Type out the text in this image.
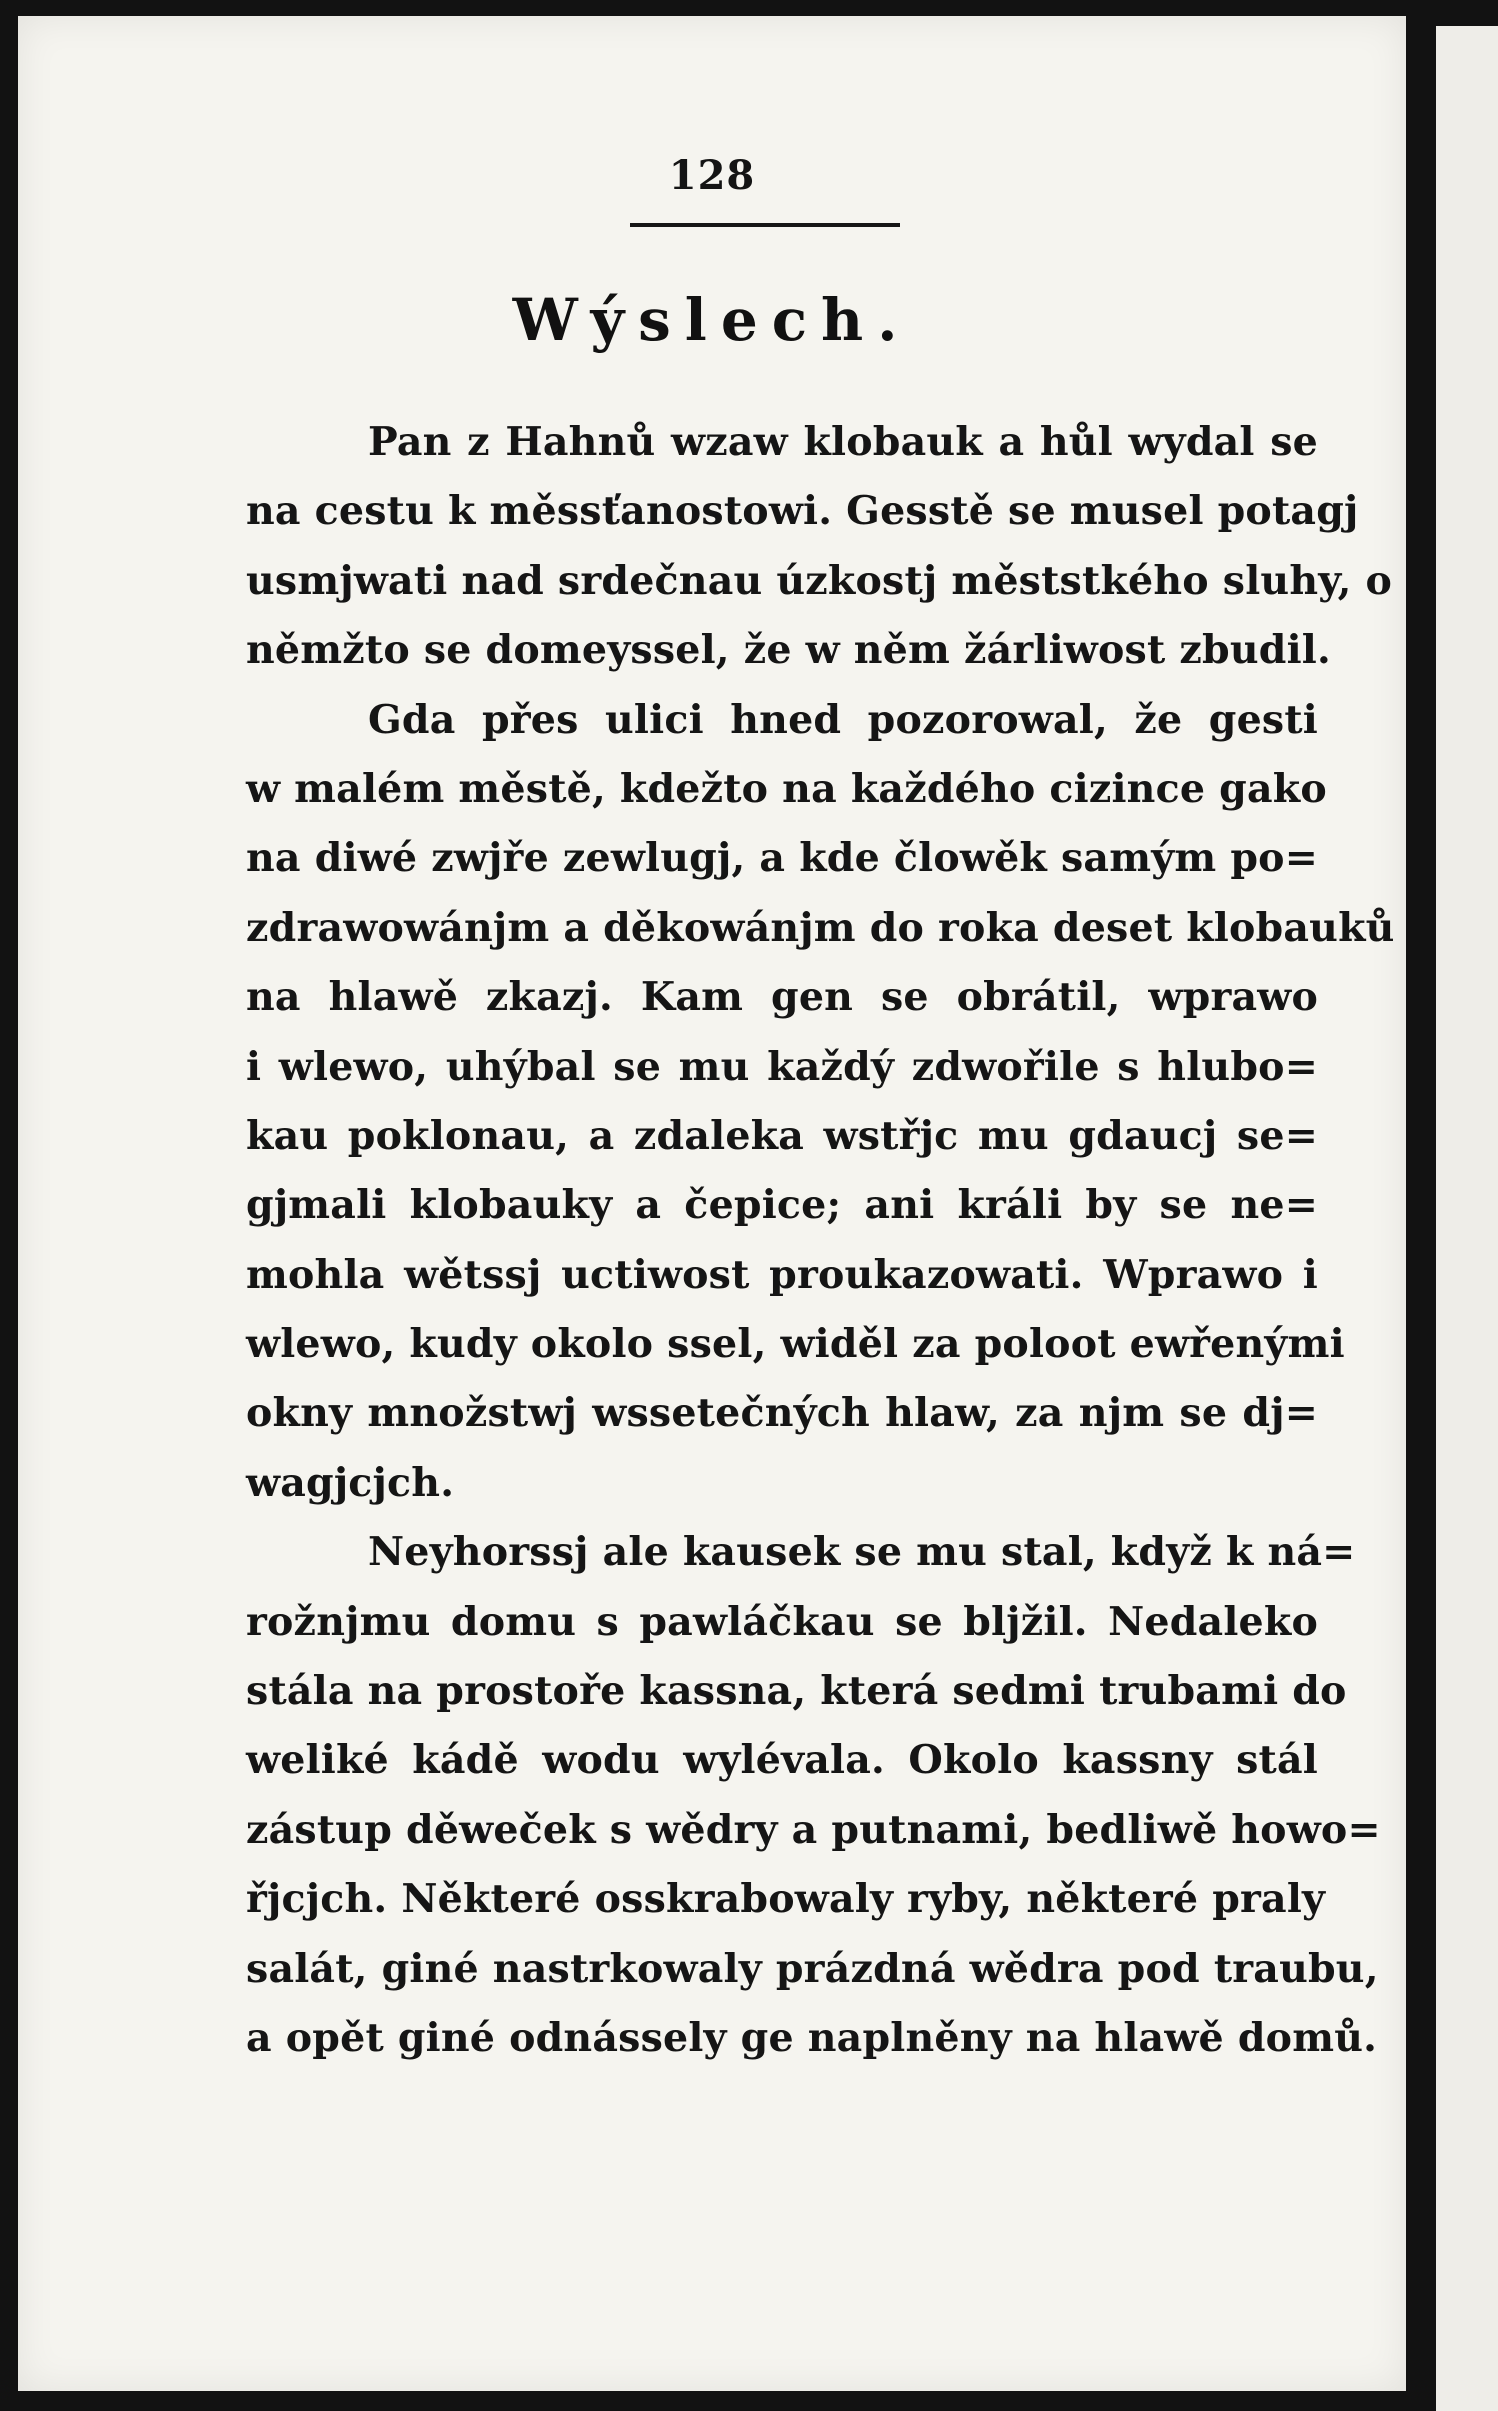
128
Wýslech.
Pan z Hahnů wzaw klobauk a hůl wydal se
na cestu k měssťanostowi. Gesstě se musel potagj
usmjwati nad srdečnau úzkostj měststkého sluhy, o
němžto se domeyssel, že w něm žárliwost zbudil.
Gda přes ulici hned pozorowal, že gesti
w malém městě, kdežto na každého cizince gako
na diwé zwjře zewlugj, a kde člowěk samým po=
zdrawowánjm a děkowánjm do roka deset klobauků
na hlawě zkazj. Kam gen se obrátil, wprawo
i wlewo, uhýbal se mu každý zdwořile s hlubo=
kau poklonau, a zdaleka wstřjc mu gdaucj se=
gjmali klobauky a čepice; ani králi by se ne=
mohla wětssj uctiwost proukazowati. Wprawo i
wlewo, kudy okolo ssel, widěl za poloot ewřenými
okny množstwj wssetečných hlaw, za njm se dj=
wagjcjch.
Neyhorssj ale kausek se mu stal, když k ná=
rožnjmu domu s pawláčkau se bljžil. Nedaleko
stála na prostoře kassna, která sedmi trubami do
weliké kádě wodu wylévala. Okolo kassny stál
zástup děweček s wědry a putnami, bedliwě howo=
řjcjch. Některé osskrabowaly ryby, některé praly
salát, giné nastrkowaly prázdná wědra pod traubu,
a opět giné odnássely ge naplněny na hlawě domů.
